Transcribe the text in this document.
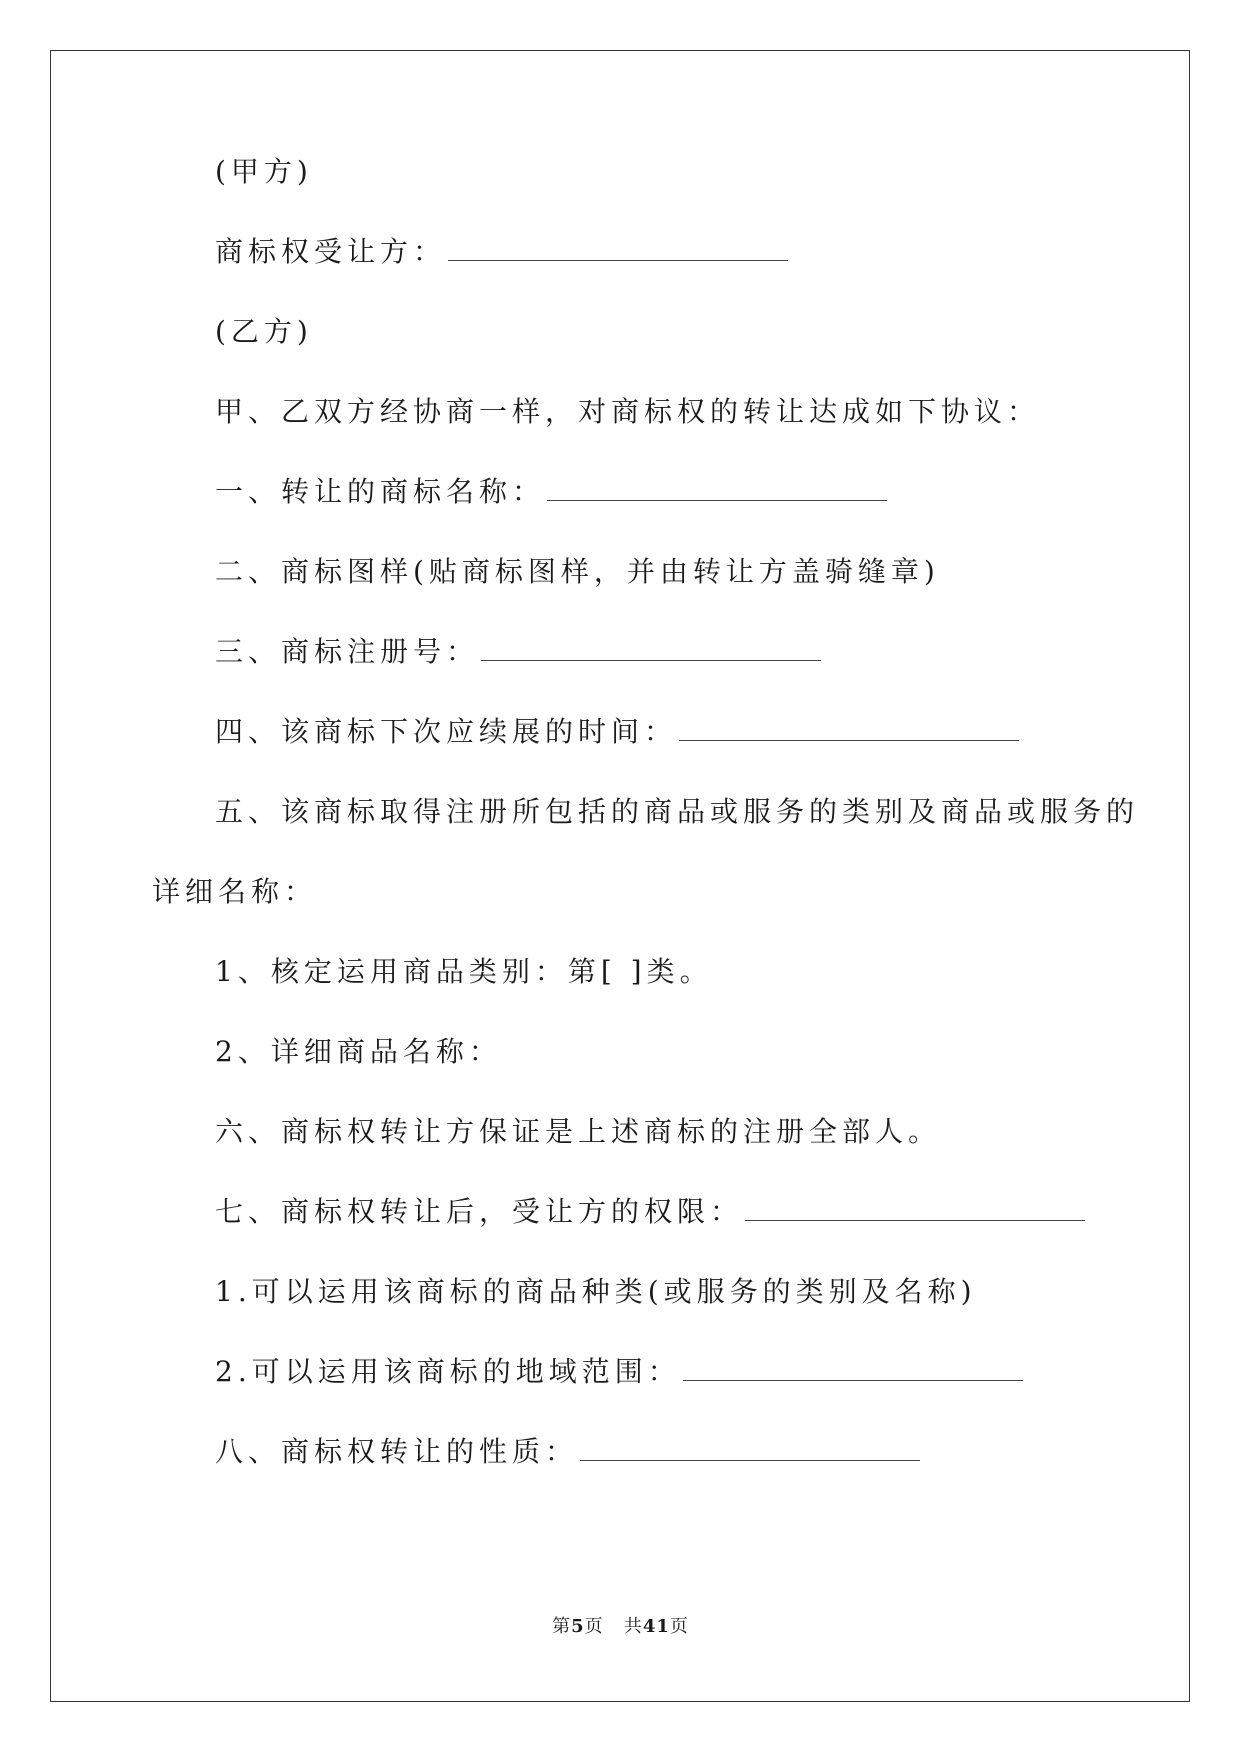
(甲方)
商标权受让方：
(乙方)
甲、乙双方经协商一样，对商标权的转让达成如下协议：
一、转让的商标名称：
二、商标图样(贴商标图样，并由转让方盖骑缝章)
三、商标注册号：
四、该商标下次应续展的时间：
五、该商标取得注册所包括的商品或服务的类别及商品或服务的
详细名称：
1、核定运用商品类别：第[ ]类。
2、详细商品名称：
六、商标权转让方保证是上述商标的注册全部人。
七、商标权转让后，受让方的权限：
1.可以运用该商标的商品种类(或服务的类别及名称)
2.可以运用该商标的地域范围：
八、商标权转让的性质：
第5页 共41页
